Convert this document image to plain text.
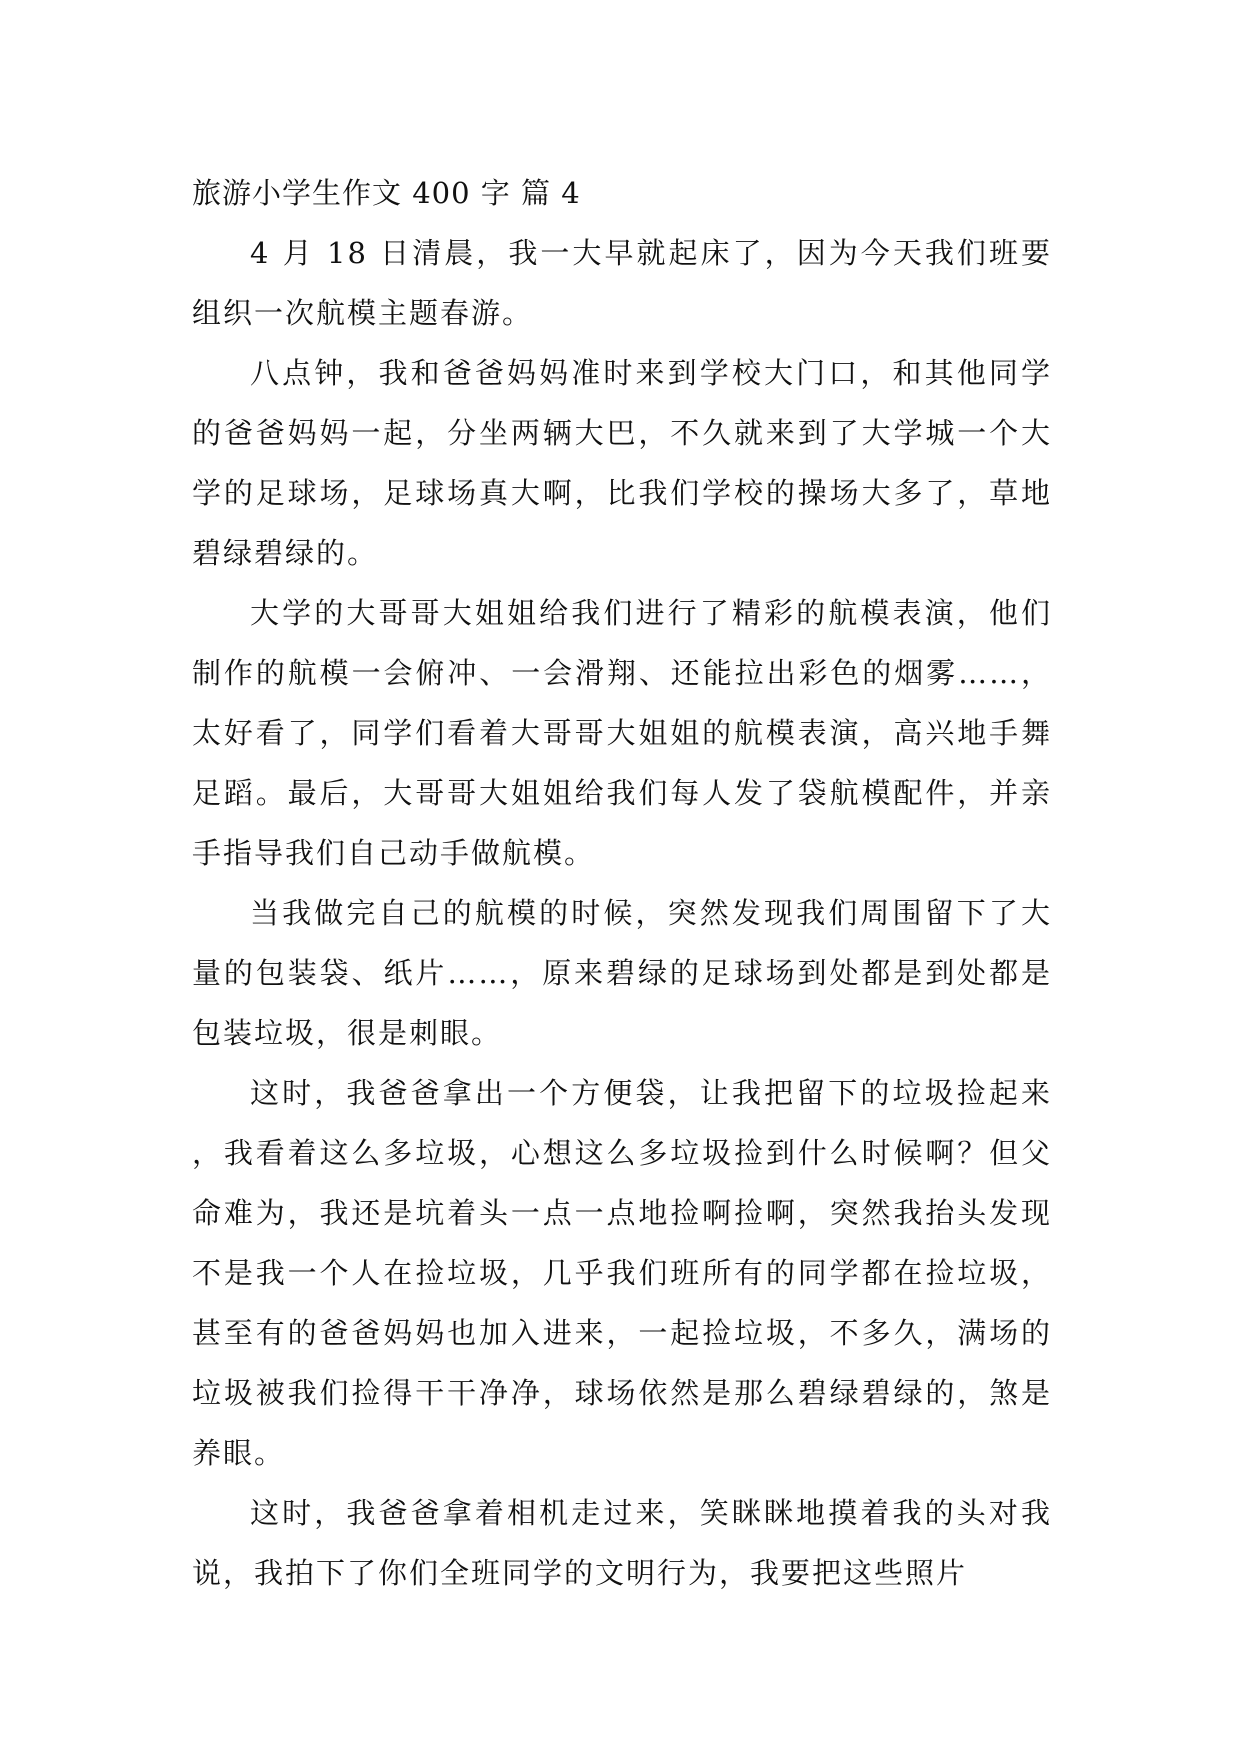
旅游小学生作文 400 字 篇 4

4 月 18 日清晨，我一大早就起床了，因为今天我们班要组织一次航模主题春游。

八点钟，我和爸爸妈妈准时来到学校大门口，和其他同学的爸爸妈妈一起，分坐两辆大巴，不久就来到了大学城一个大学的足球场，足球场真大啊，比我们学校的操场大多了，草地碧绿碧绿的。

大学的大哥哥大姐姐给我们进行了精彩的航模表演，他们制作的航模一会俯冲、一会滑翔、还能拉出彩色的烟雾……，太好看了，同学们看着大哥哥大姐姐的航模表演，高兴地手舞足蹈。最后，大哥哥大姐姐给我们每人发了袋航模配件，并亲手指导我们自己动手做航模。

当我做完自己的航模的时候，突然发现我们周围留下了大量的包装袋、纸片……，原来碧绿的足球场到处都是到处都是包装垃圾，很是刺眼。

这时，我爸爸拿出一个方便袋，让我把留下的垃圾捡起来，我看着这么多垃圾，心想这么多垃圾捡到什么时候啊？但父命难为，我还是坑着头一点一点地捡啊捡啊，突然我抬头发现不是我一个人在捡垃圾，几乎我们班所有的同学都在捡垃圾，甚至有的爸爸妈妈也加入进来，一起捡垃圾，不多久，满场的垃圾被我们捡得干干净净，球场依然是那么碧绿碧绿的，煞是养眼。

这时，我爸爸拿着相机走过来，笑眯眯地摸着我的头对我说，我拍下了你们全班同学的文明行为，我要把这些照片
